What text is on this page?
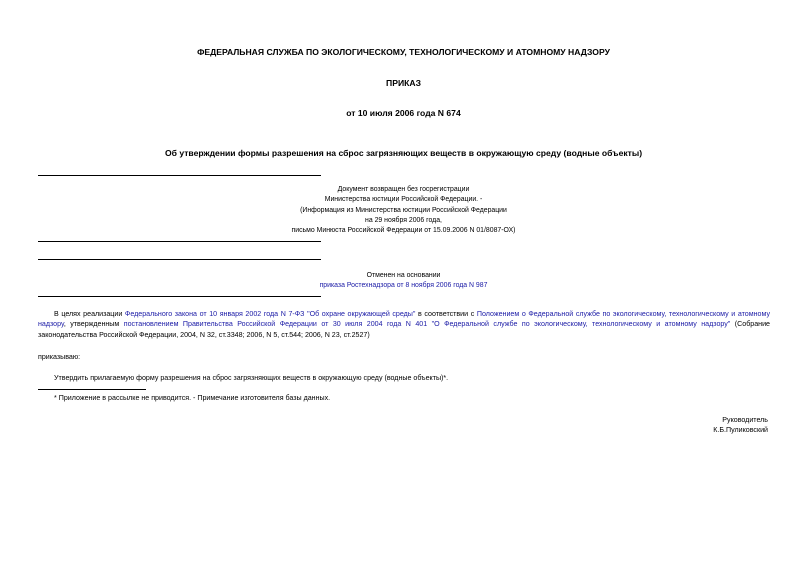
ФЕДЕРАЛЬНАЯ СЛУЖБА ПО ЭКОЛОГИЧЕСКОМУ, ТЕХНОЛОГИЧЕСКОМУ И АТОМНОМУ НАДЗОРУ
ПРИКАЗ
от 10 июля 2006 года N 674
Об утверждении формы разрешения на сброс загрязняющих веществ в окружающую среду (водные объекты)
Документ возвращен без госрегистрации
Министерства юстиции Российской Федерации. -
(Информация из Министерства юстиции Российской Федерации
на 29 ноября 2006 года,
письмо Минюста Российской Федерации от 15.09.2006 N 01/8087-ОХ)
Отменен на основании
приказа Ростехнадзора от 8 ноября 2006 года N 987
В целях реализации Федерального закона от 10 января 2002 года N 7-ФЗ "Об охране окружающей среды" в соответствии с Положением о Федеральной службе по экологическому, технологическому и атомному надзору, утвержденным постановлением Правительства Российской Федерации от 30 июля 2004 года N 401 "О Федеральной службе по экологическому, технологическому и атомному надзору" (Собрание законодательства Российской Федерации, 2004, N 32, ст.3348; 2006, N 5, ст.544; 2006, N 23, ст.2527)
приказываю:
Утвердить прилагаемую форму разрешения на сброс загрязняющих веществ в окружающую среду (водные объекты)*.
* Приложение в рассылке не приводится. - Примечание изготовителя базы данных.
Руководитель
К.Б.Пуликовский
